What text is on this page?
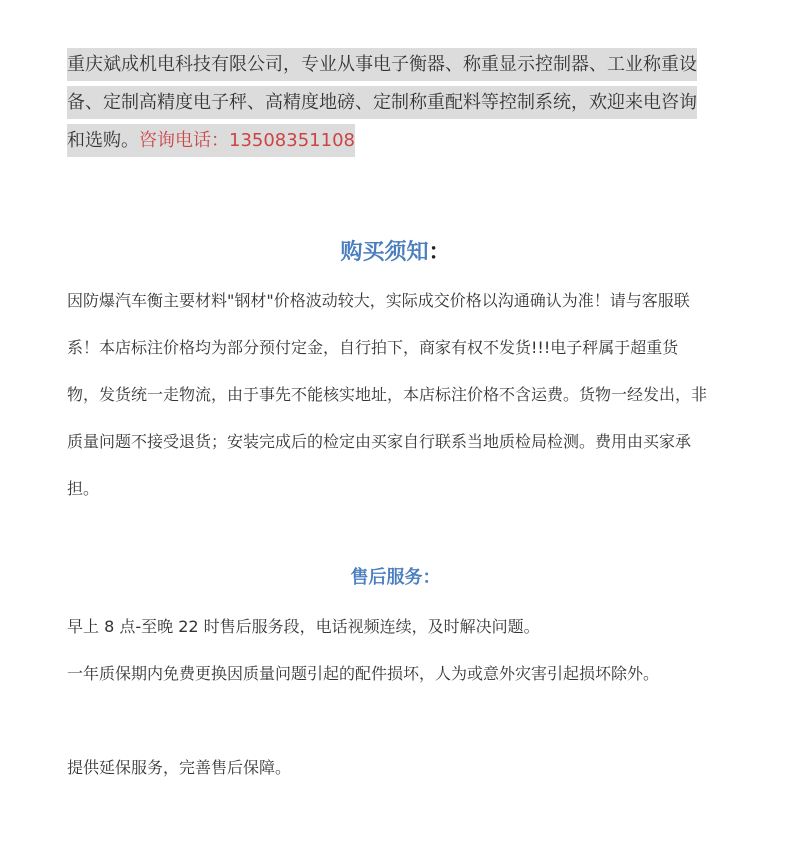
重庆斌成机电科技有限公司，专业从事电子衡器、称重显示控制器、工业称重设备、定制高精度电子秤、高精度地磅、定制称重配料等控制系统，欢迎来电咨询和选购。咨询电话：13508351108
购买须知：
因防爆汽车衡主要材料"钢材"价格波动较大，实际成交价格以沟通确认为准！请与客服联系！本店标注价格均为部分预付定金，自行拍下，商家有权不发货!!!电子秤属于超重货物，发货统一走物流，由于事先不能核实地址，本店标注价格不含运费。货物一经发出，非质量问题不接受退货；安装完成后的检定由买家自行联系当地质检局检测。费用由买家承担。
售后服务：
早上 8 点-至晚 22 时售后服务段，电话视频连续，及时解决问题。
一年质保期内免费更换因质量问题引起的配件损坏，人为或意外灾害引起损坏除外。
提供延保服务，完善售后保障。
